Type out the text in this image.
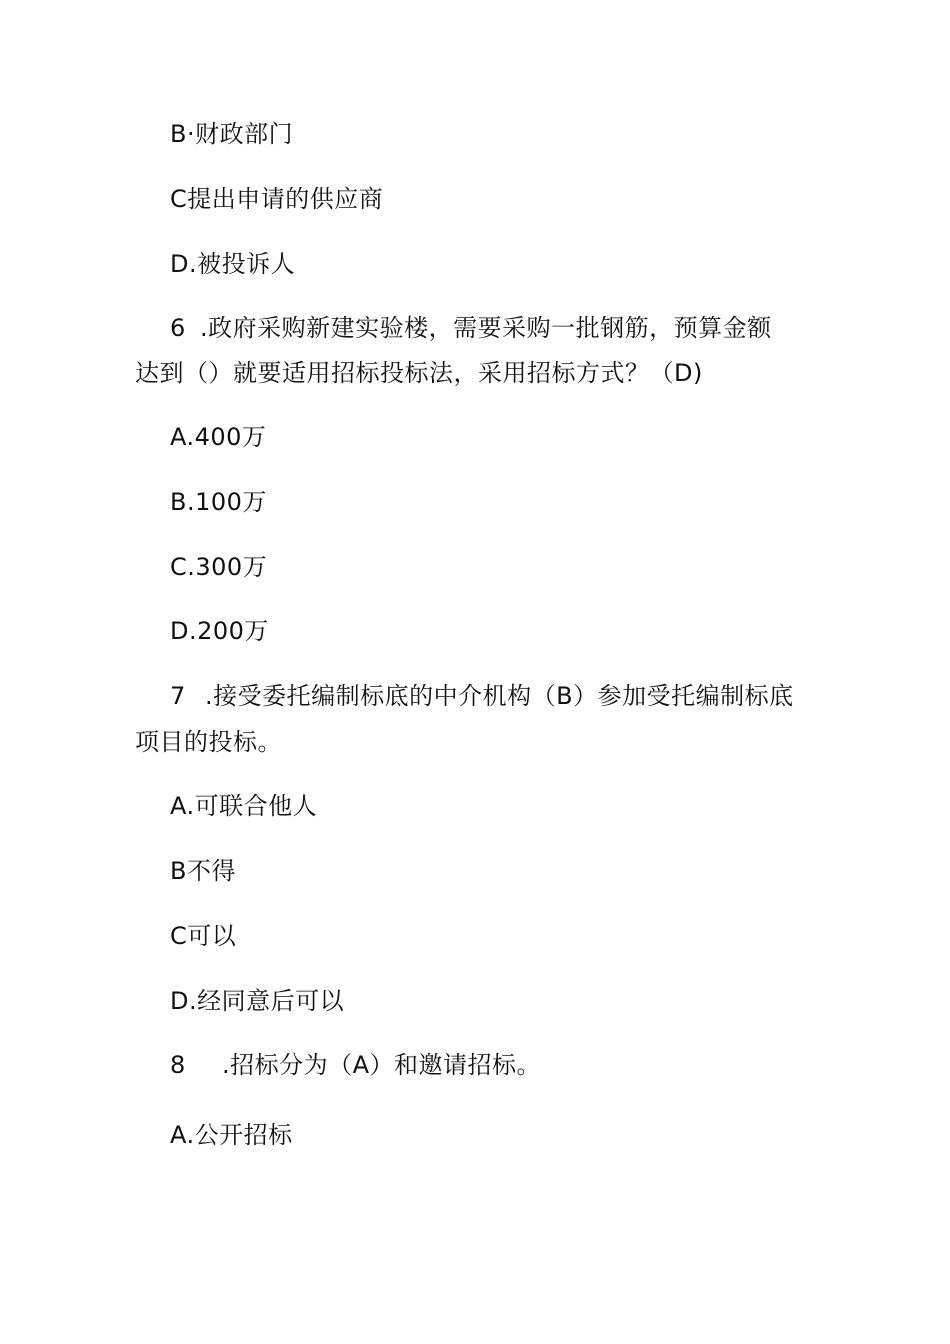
B·财政部门
C提出申请的供应商
D.被投诉人
6 .政府采购新建实验楼，需要采购一批钢筋，预算金额
达到（）就要适用招标投标法，采用招标方式？（D)
A.400万
B.100万
C.300万
D.200万
7 .接受委托编制标底的中介机构（B）参加受托编制标底
项目的投标。
A.可联合他人
B不得
C可以
D.经同意后可以
8 .招标分为（A）和邀请招标。
A.公开招标
